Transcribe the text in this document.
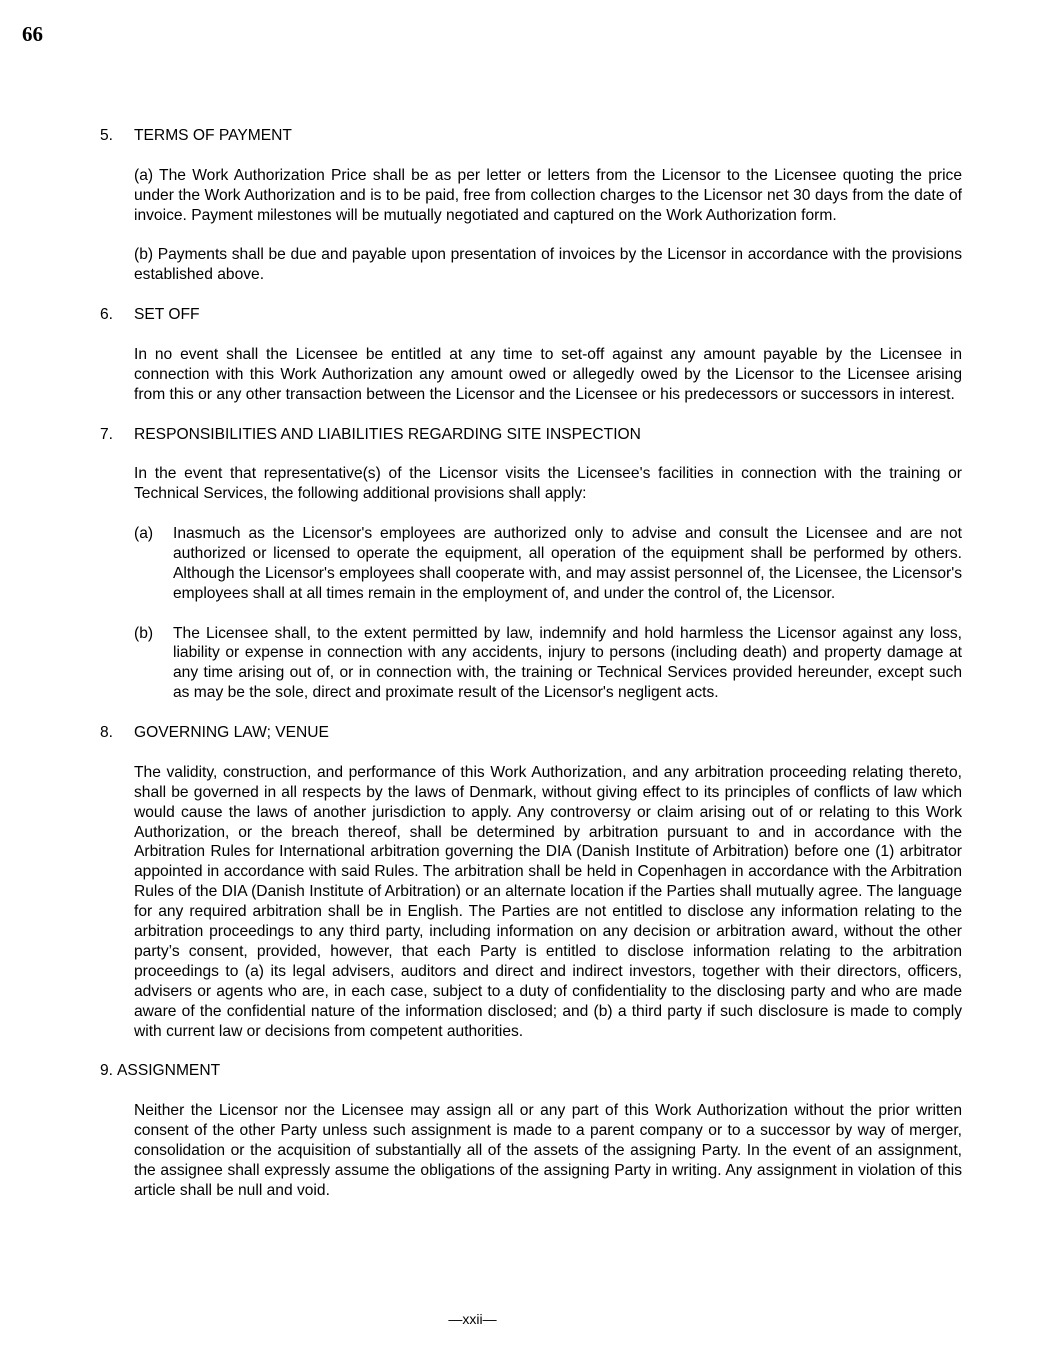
66
5.	TERMS OF PAYMENT
(a) The Work Authorization Price shall be as per letter or letters from the Licensor to the Licensee quoting the price under the Work Authorization and is to be paid, free from collection charges to the Licensor net 30 days from the date of invoice. Payment milestones will be mutually negotiated and captured on the Work Authorization form.
(b) Payments shall be due and payable upon presentation of invoices by the Licensor in accordance with the provisions established above.
6.	SET OFF
In no event shall the Licensee be entitled at any time to set-off against any amount payable by the Licensee in connection with this Work Authorization any amount owed or allegedly owed by the Licensor to the Licensee arising from this or any other transaction between the Licensor and the Licensee or his predecessors or successors in interest.
7.	RESPONSIBILITIES AND LIABILITIES REGARDING SITE INSPECTION
In the event that representative(s) of the Licensor visits the Licensee's facilities in connection with the training or Technical Services, the following additional provisions shall apply:
(a)	Inasmuch as the Licensor's employees are authorized only to advise and consult the Licensee and are not authorized or licensed to operate the equipment, all operation of the equipment shall be performed by others. Although the Licensor's employees shall cooperate with, and may assist personnel of, the Licensee, the Licensor's employees shall at all times remain in the employment of, and under the control of, the Licensor.
(b)	The Licensee shall, to the extent permitted by law, indemnify and hold harmless the Licensor against any loss, liability or expense in connection with any accidents, injury to persons (including death) and property damage at any time arising out of, or in connection with, the training or Technical Services provided hereunder, except such as may be the sole, direct and proximate result of the Licensor's negligent acts.
8.	GOVERNING LAW; VENUE
The validity, construction, and performance of this Work Authorization, and any arbitration proceeding relating thereto, shall be governed in all respects by the laws of Denmark, without giving effect to its principles of conflicts of law which would cause the laws of another jurisdiction to apply. Any controversy or claim arising out of or relating to this Work Authorization, or the breach thereof, shall be determined by arbitration pursuant to and in accordance with the Arbitration Rules for International arbitration governing the DIA (Danish Institute of Arbitration) before one (1) arbitrator appointed in accordance with said Rules. The arbitration shall be held in Copenhagen in accordance with the Arbitration Rules of the DIA (Danish Institute of Arbitration) or an alternate location if the Parties shall mutually agree. The language for any required arbitration shall be in English. The Parties are not entitled to disclose any information relating to the arbitration proceedings to any third party, including information on any decision or arbitration award, without the other party’s consent, provided, however, that each Party is entitled to disclose information relating to the arbitration proceedings to (a) its legal advisers, auditors and direct and indirect investors, together with their directors, officers, advisers or agents who are, in each case, subject to a duty of confidentiality to the disclosing party and who are made aware of the confidential nature of the information disclosed; and (b) a third party if such disclosure is made to comply with current law or decisions from competent authorities.
9. ASSIGNMENT
Neither the Licensor nor the Licensee may assign all or any part of this Work Authorization without the prior written consent of the other Party unless such assignment is made to a parent company or to a successor by way of merger, consolidation or the acquisition of substantially all of the assets of the assigning Party. In the event of an assignment, the assignee shall expressly assume the obligations of the assigning Party in writing. Any assignment in violation of this article shall be null and void.
—xxii—
